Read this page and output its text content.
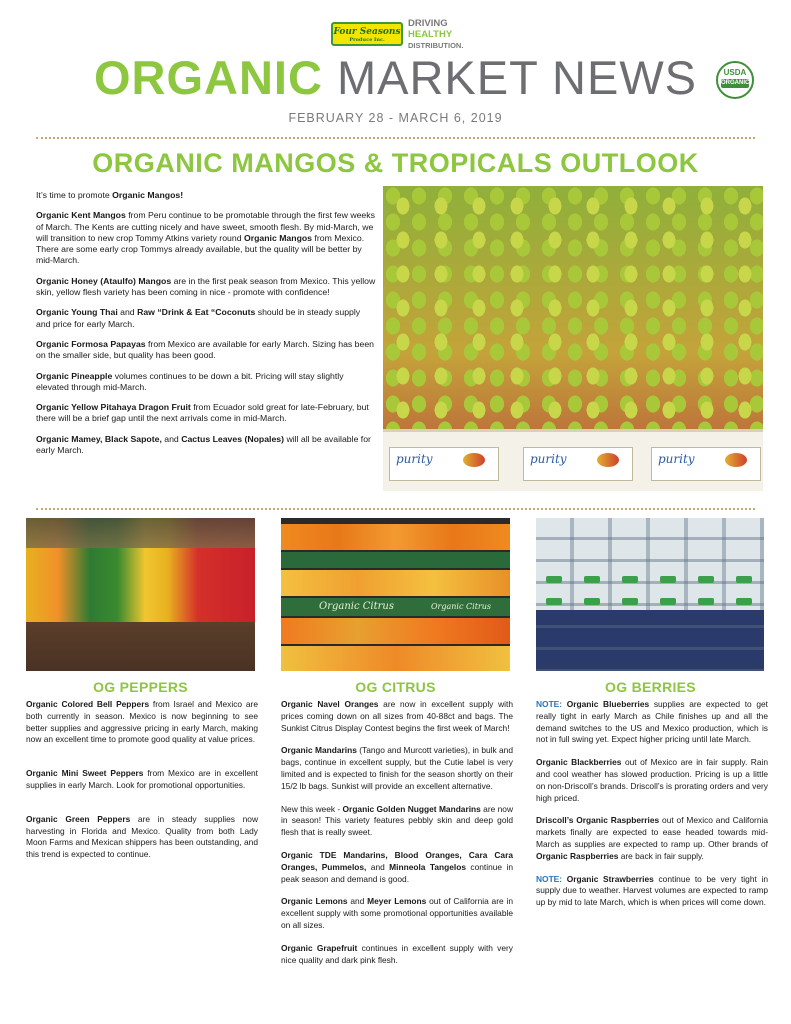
Four Seasons
Produce Inc.
DRIVING
HEALTHY
DISTRIBUTION.
ORGANIC MARKET NEWS	USDA
ORGANIC
FEBRUARY 28 - MARCH 6, 2019
ORGANIC MANGOS & TROPICALS OUTLOOK

It’s time to promote Organic Mangos!

Organic Kent Mangos from Peru continue to be promotable through the first few weeks of March. The Kents are cutting nicely and have sweet, smooth flesh. By mid-March, we will transition to new crop Tommy Atkins variety round Organic Mangos from Mexico. There are some early crop Tommys already available, but the quality will be better by mid-March.

Organic Honey (Ataulfo) Mangos are in the first peak season from Mexico. This yellow skin, yellow flesh variety has been coming in nice - promote with confidence!

Organic Young Thai and Raw “Drink & Eat “Coconuts should be in steady supply and price for early March.

Organic Formosa Papayas from Mexico are available for early March. Sizing has been on the smaller side, but quality has been good.

Organic Pineapple volumes continues to be down a bit. Pricing will stay slightly elevated through mid-March.

Organic Yellow Pitahaya Dragon Fruit from Ecuador sold great for late-February, but there will be a brief gap until the next arrivals come in mid-March.

Organic Mamey, Black Sapote, and Cactus Leaves (Nopales) will all be available for early March.

purity	purity	purity
Organic Citrus	Organic Citrus
OG PEPPERS	OG CITRUS	OG BERRIES

Organic Colored Bell Peppers from Israel and Mexico are both currently in season. Mexico is now beginning to see better supplies and aggressive pricing in early March, making now an excellent time to promote good quality at value prices.

Organic Mini Sweet Peppers from Mexico are in excellent supplies in early March. Look for promotional opportunities.

Organic Green Peppers are in steady supplies now harvesting in Florida and Mexico. Quality from both Lady Moon Farms and Mexican shippers has been outstanding, and this trend is expected to continue.

Organic Navel Oranges are now in excellent supply with prices coming down on all sizes from 40-88ct and bags. The Sunkist Citrus Display Contest begins the first week of March!

Organic Mandarins (Tango and Murcott varieties), in bulk and bags, continue in excellent supply, but the Cutie label is very limited and is expected to finish for the season shortly on their 15/2 lb bags. Sunkist will provide an excellent alternative.

New this week - Organic Golden Nugget Mandarins are now in season! This variety features pebbly skin and deep gold flesh that is really sweet.

Organic TDE Mandarins, Blood Oranges, Cara Cara Oranges, Pummelos, and Minneola Tangelos continue in peak season and demand is good.

Organic Lemons and Meyer Lemons out of California are in excellent supply with some promotional opportunities available on all sizes.

Organic Grapefruit continues in excellent supply with very nice quality and dark pink flesh.

NOTE: Organic Blueberries supplies are expected to get really tight in early March as Chile finishes up and all the demand switches to the US and Mexico production, which is not in full swing yet. Expect higher pricing until late March.

Organic Blackberries out of Mexico are in fair supply. Rain and cool weather has slowed production. Pricing is up a little on non-Driscoll’s brands. Driscoll’s is prorating orders and very high priced.

Driscoll’s Organic Raspberries out of Mexico and California markets finally are expected to ease headed towards mid-March as supplies are expected to ramp up. Other brands of Organic Raspberries are back in fair supply.

NOTE: Organic Strawberries continue to be very tight in supply due to weather. Harvest volumes are expected to ramp up by mid to late March, which is when prices will come down.
